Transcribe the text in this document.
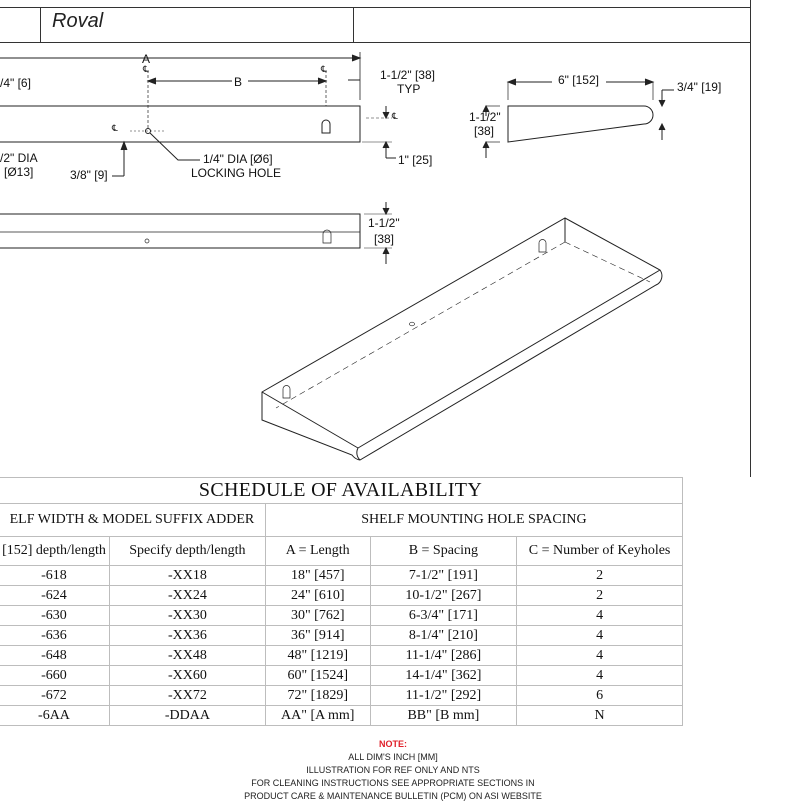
Roval
A
℄	℄
℄
℄
B
/4" [6]
1-1/2" [38]
TYP
/2" DIA
[Ø13]	3/8" [9]
1/4" DIA [Ø6]
LOCKING HOLE
1" [25]
6" [152]	3/4" [19]
1-1/2"
[38]
1-1/2"
[38]
SCHEDULE OF AVAILABILITY				
ELF WIDTH & MODEL SUFFIX ADDER		SHELF MOUNTING HOLE SPACING		
[152] depth/length	Specify depth/length	A = Length	B = Spacing	C = Number of Keyholes
-618	-XX18	18" [457]	7-1/2" [191]	2
-624	-XX24	24" [610]	10-1/2" [267]	2
-630	-XX30	30" [762]	6-3/4" [171]	4
-636	-XX36	36" [914]	8-1/4" [210]	4
-648	-XX48	48" [1219]	11-1/4" [286]	4
-660	-XX60	60" [1524]	14-1/4" [362]	4
-672	-XX72	72" [1829]	11-1/2" [292]	6
-6AA	-DDAA	AA" [A mm]	BB" [B mm]	N
NOTE:
ALL DIM'S INCH [MM]
ILLUSTRATION FOR REF ONLY AND NTS
FOR CLEANING INSTRUCTIONS SEE APPROPRIATE SECTIONS IN
PRODUCT CARE & MAINTENANCE BULLETIN (PCM) ON ASI WEBSITE
